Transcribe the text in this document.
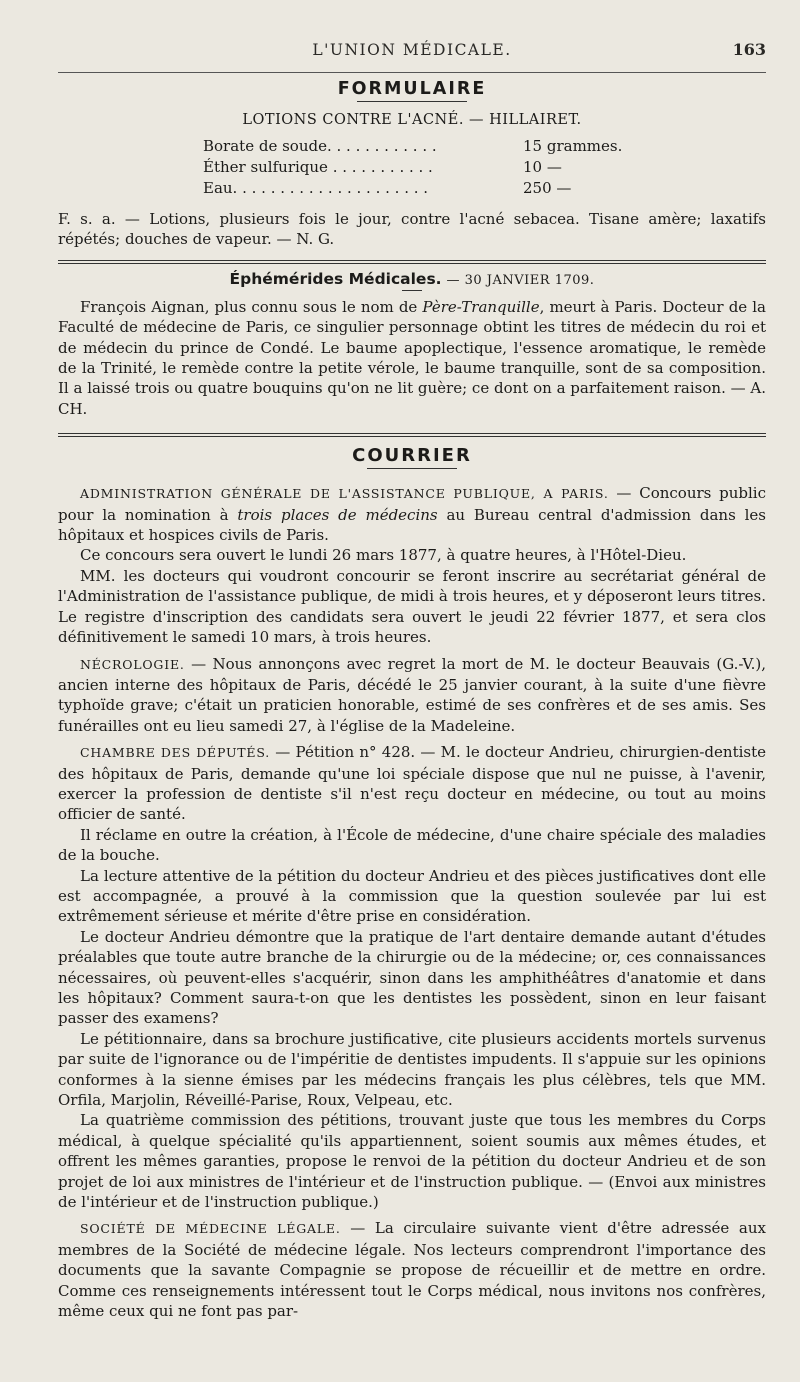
L'UNION MÉDICALE.	163
FORMULAIRE
LOTIONS CONTRE L'ACNÉ. — HILLAIRET.
Borate de soude. . . . . . . . . . . .	15 grammes.
Éther sulfurique . . . . . . . . . . .	10 —
Eau. . . . . . . . . . . . . . . . . . . . .	250 —

F. s. a. — Lotions, plusieurs fois le jour, contre l'acné sebacea. Tisane amère; laxatifs répétés; douches de vapeur. — N. G.

Éphémérides Médicales. — 30 JANVIER 1709.

François Aignan, plus connu sous le nom de Père-Tranquille, meurt à Paris. Docteur de la Faculté de médecine de Paris, ce singulier personnage obtint les titres de médecin du roi et de médecin du prince de Condé. Le baume apoplectique, l'essence aromatique, le remède de la Trinité, le remède contre la petite vérole, le baume tranquille, sont de sa composition. Il a laissé trois ou quatre bouquins qu'on ne lit guère; ce dont on a parfaitement raison. — A. CH.

COURRIER

ADMINISTRATION GÉNÉRALE DE L'ASSISTANCE PUBLIQUE, A PARIS. — Concours public pour la nomination à trois places de médecins au Bureau central d'admission dans les hôpitaux et hospices civils de Paris.

Ce concours sera ouvert le lundi 26 mars 1877, à quatre heures, à l'Hôtel-Dieu.

MM. les docteurs qui voudront concourir se feront inscrire au secrétariat général de l'Administration de l'assistance publique, de midi à trois heures, et y déposeront leurs titres. Le registre d'inscription des candidats sera ouvert le jeudi 22 février 1877, et sera clos définitivement le samedi 10 mars, à trois heures.

NÉCROLOGIE. — Nous annonçons avec regret la mort de M. le docteur Beauvais (G.-V.), ancien interne des hôpitaux de Paris, décédé le 25 janvier courant, à la suite d'une fièvre typhoïde grave; c'était un praticien honorable, estimé de ses confrères et de ses amis. Ses funérailles ont eu lieu samedi 27, à l'église de la Madeleine.

CHAMBRE DES DÉPUTÉS. — Pétition n° 428. — M. le docteur Andrieu, chirurgien-dentiste des hôpitaux de Paris, demande qu'une loi spéciale dispose que nul ne puisse, à l'avenir, exercer la profession de dentiste s'il n'est reçu docteur en médecine, ou tout au moins officier de santé.

Il réclame en outre la création, à l'École de médecine, d'une chaire spéciale des maladies de la bouche.

La lecture attentive de la pétition du docteur Andrieu et des pièces justificatives dont elle est accompagnée, a prouvé à la commission que la question soulevée par lui est extrêmement sérieuse et mérite d'être prise en considération.

Le docteur Andrieu démontre que la pratique de l'art dentaire demande autant d'études préalables que toute autre branche de la chirurgie ou de la médecine; or, ces connaissances nécessaires, où peuvent-elles s'acquérir, sinon dans les amphithéâtres d'anatomie et dans les hôpitaux? Comment saura-t-on que les dentistes les possèdent, sinon en leur faisant passer des examens?

Le pétitionnaire, dans sa brochure justificative, cite plusieurs accidents mortels survenus par suite de l'ignorance ou de l'impéritie de dentistes impudents. Il s'appuie sur les opinions conformes à la sienne émises par les médecins français les plus célèbres, tels que MM. Orfila, Marjolin, Réveillé-Parise, Roux, Velpeau, etc.

La quatrième commission des pétitions, trouvant juste que tous les membres du Corps médical, à quelque spécialité qu'ils appartiennent, soient soumis aux mêmes études, et offrent les mêmes garanties, propose le renvoi de la pétition du docteur Andrieu et de son projet de loi aux ministres de l'intérieur et de l'instruction publique. — (Envoi aux ministres de l'intérieur et de l'instruction publique.)

SOCIÉTÉ DE MÉDECINE LÉGALE. — La circulaire suivante vient d'être adressée aux membres de la Société de médecine légale. Nos lecteurs comprendront l'importance des documents que la savante Compagnie se propose de récueillir et de mettre en ordre. Comme ces renseignements intéressent tout le Corps médical, nous invitons nos confrères, même ceux qui ne font pas par-
